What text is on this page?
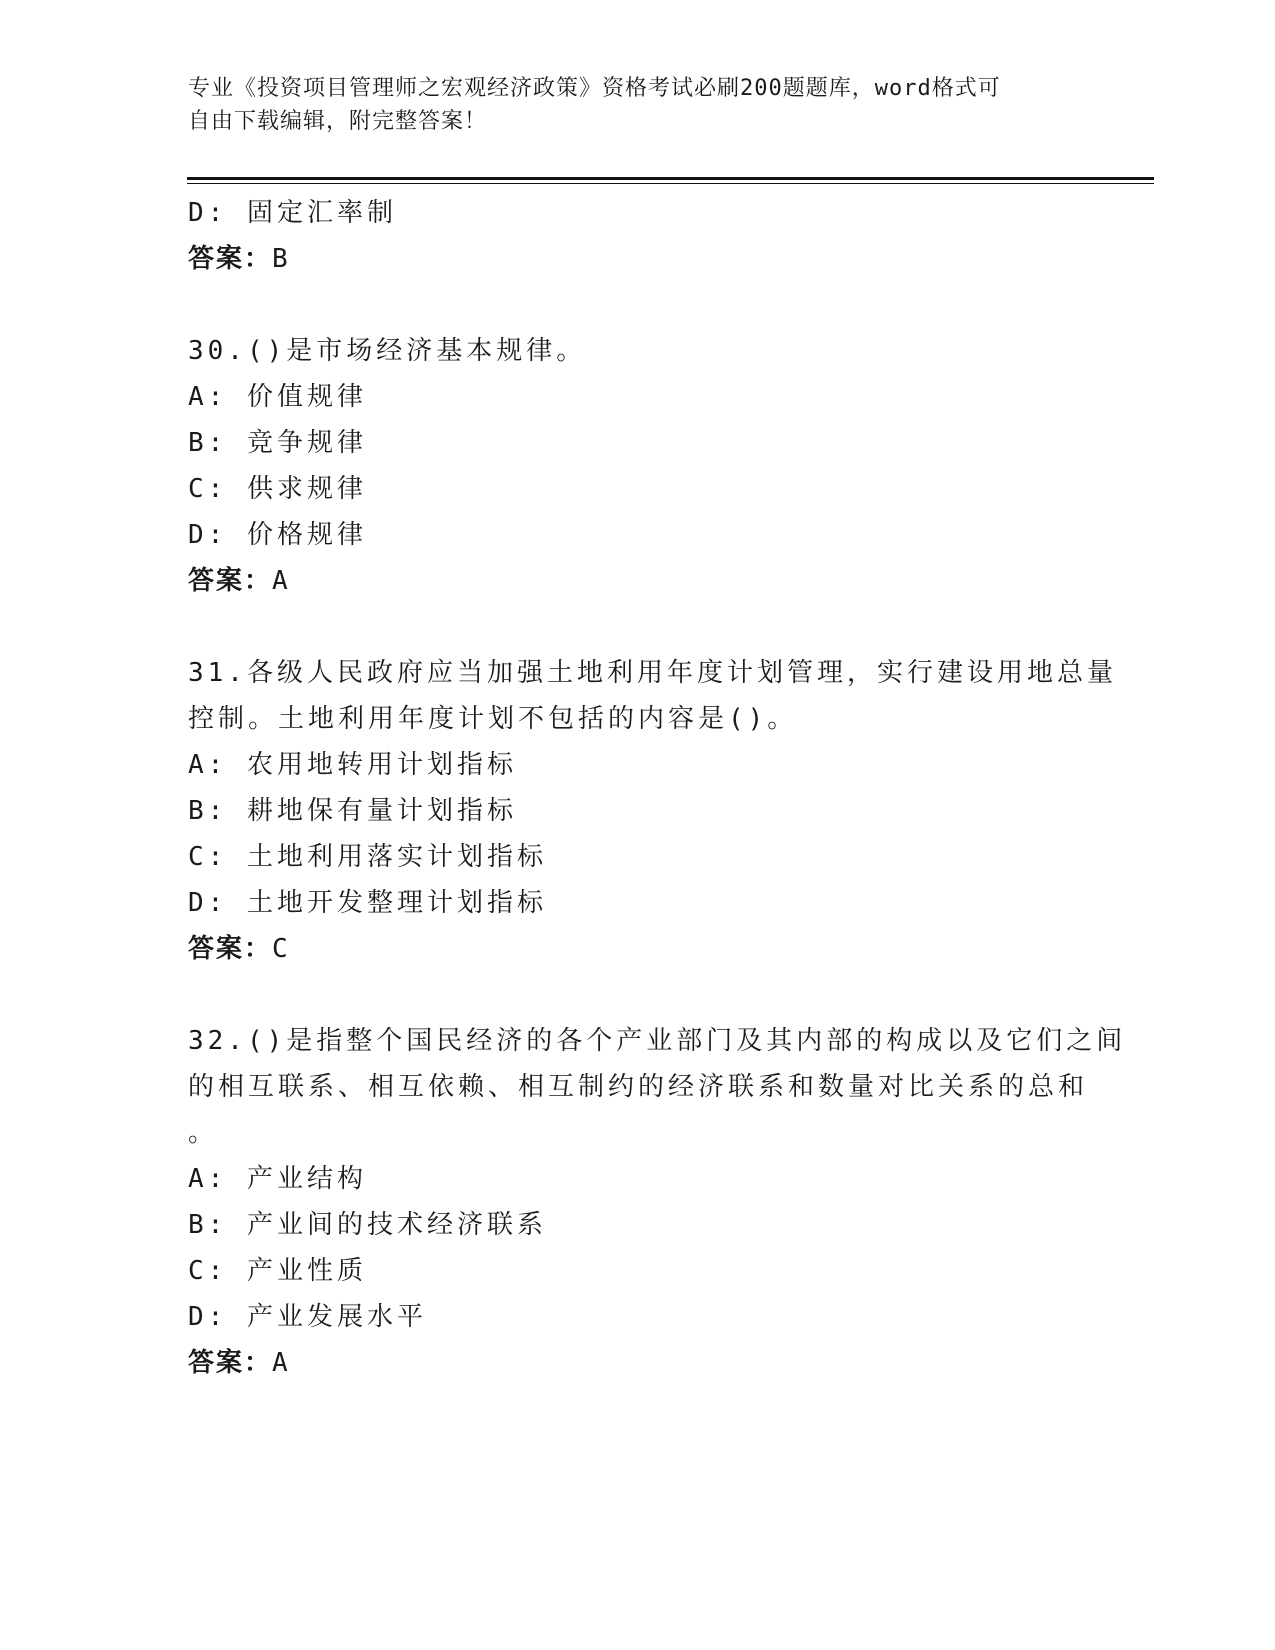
专业《投资项目管理师之宏观经济政策》资格考试必刷200题题库，word格式可
自由下载编辑，附完整答案！
D: 固定汇率制
答案：B
30.()是市场经济基本规律。
A: 价值规律
B: 竞争规律
C: 供求规律
D: 价格规律
答案：A
31.各级人民政府应当加强土地利用年度计划管理，实行建设用地总量
控制。土地利用年度计划不包括的内容是()。
A: 农用地转用计划指标
B: 耕地保有量计划指标
C: 土地利用落实计划指标
D: 土地开发整理计划指标
答案：C
32.()是指整个国民经济的各个产业部门及其内部的构成以及它们之间
的相互联系、相互依赖、相互制约的经济联系和数量对比关系的总和
。
A: 产业结构
B: 产业间的技术经济联系
C: 产业性质
D: 产业发展水平
答案：A
